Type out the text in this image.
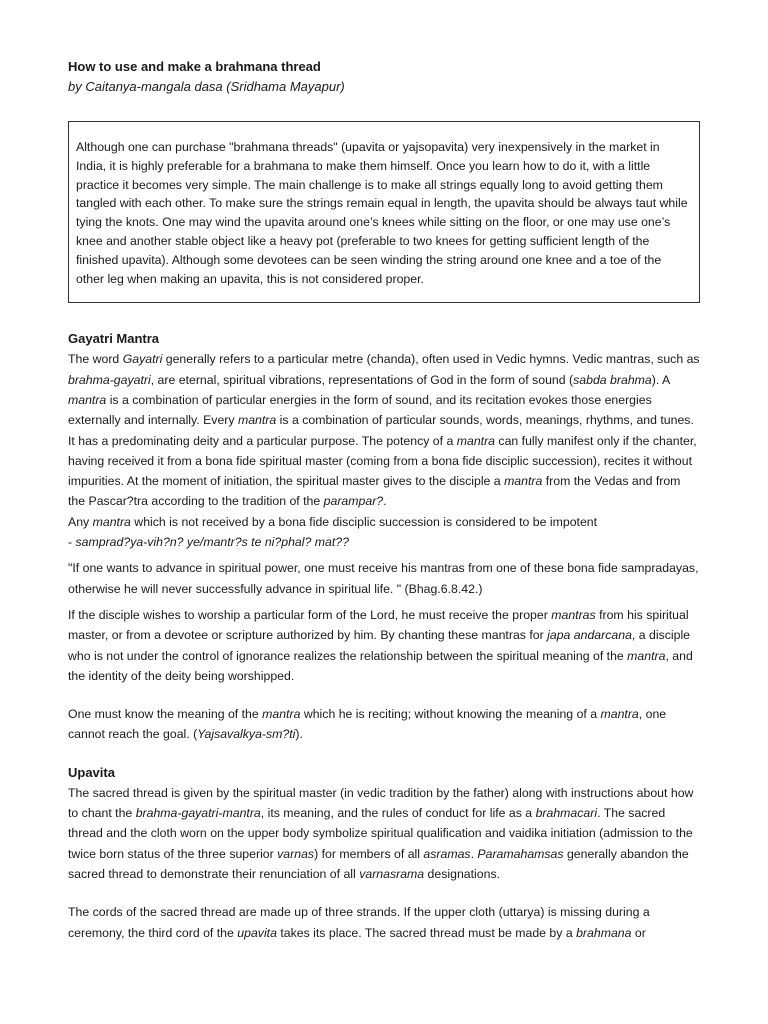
How to use and make a brahmana thread

by Caitanya-mangala dasa (Sridhama Mayapur)

Although one can purchase "brahmana threads" (upavita or yajsopavita) very inexpensively in the market in India, it is highly preferable for a brahmana to make them himself. Once you learn how to do it, with a little practice it becomes very simple. The main challenge is to make all strings equally long to avoid getting them tangled with each other. To make sure the strings remain equal in length, the upavita should be always taut while tying the knots. One may wind the upavita around one’s knees while sitting on the floor, or one may use one’s knee and another stable object like a heavy pot (preferable to two knees for getting sufficient length of the finished upavita). Although some devotees can be seen winding the string around one knee and a toe of the other leg when making an upavita, this is not considered proper.

Gayatri Mantra

The word Gayatri generally refers to a particular metre (chanda), often used in Vedic hymns. Vedic mantras, such as brahma-gayatri, are eternal, spiritual vibrations, representations of God in the form of sound (sabda brahma). A mantra is a combination of particular energies in the form of sound, and its recitation evokes those energies externally and internally. Every mantra is a combination of particular sounds, words, meanings, rhythms, and tunes. It has a predominating deity and a particular purpose. The potency of a mantra can fully manifest only if the chanter, having received it from a bona fide spiritual master (coming from a bona fide disciplic succession), recites it without impurities. At the moment of initiation, the spiritual master gives to the disciple a mantra from the Vedas and from the Pascar?tra according to the tradition of the parampar?.

Any mantra which is not received by a bona fide disciplic succession is considered to be impotent

- samprad?ya-vih?n? ye/mantr?s te ni?phal? mat??

"If one wants to advance in spiritual power, one must receive his mantras from one of these bona fide sampradayas, otherwise he will never successfully advance in spiritual life. " (Bhag.6.8.42.)

If the disciple wishes to worship a particular form of the Lord, he must receive the proper mantras from his spiritual master, or from a devotee or scripture authorized by him. By chanting these mantras for japa andarcana, a disciple who is not under the control of ignorance realizes the relationship between the spiritual meaning of the mantra, and the identity of the deity being worshipped.

One must know the meaning of the mantra which he is reciting; without knowing the meaning of a mantra, one cannot reach the goal. (Yajsavalkya-sm?ti).

Upavita

The sacred thread is given by the spiritual master (in vedic tradition by the father) along with instructions about how to chant the brahma-gayatri-mantra, its meaning, and the rules of conduct for life as a brahmacari. The sacred thread and the cloth worn on the upper body symbolize spiritual qualification and vaidika initiation (admission to the twice born status of the three superior varnas) for members of all asramas. Paramahamsas generally abandon the sacred thread to demonstrate their renunciation of all varnasrama designations.

The cords of the sacred thread are made up of three strands. If the upper cloth (uttarya) is missing during a ceremony, the third cord of the upavita takes its place. The sacred thread must be made by a brahmana or
